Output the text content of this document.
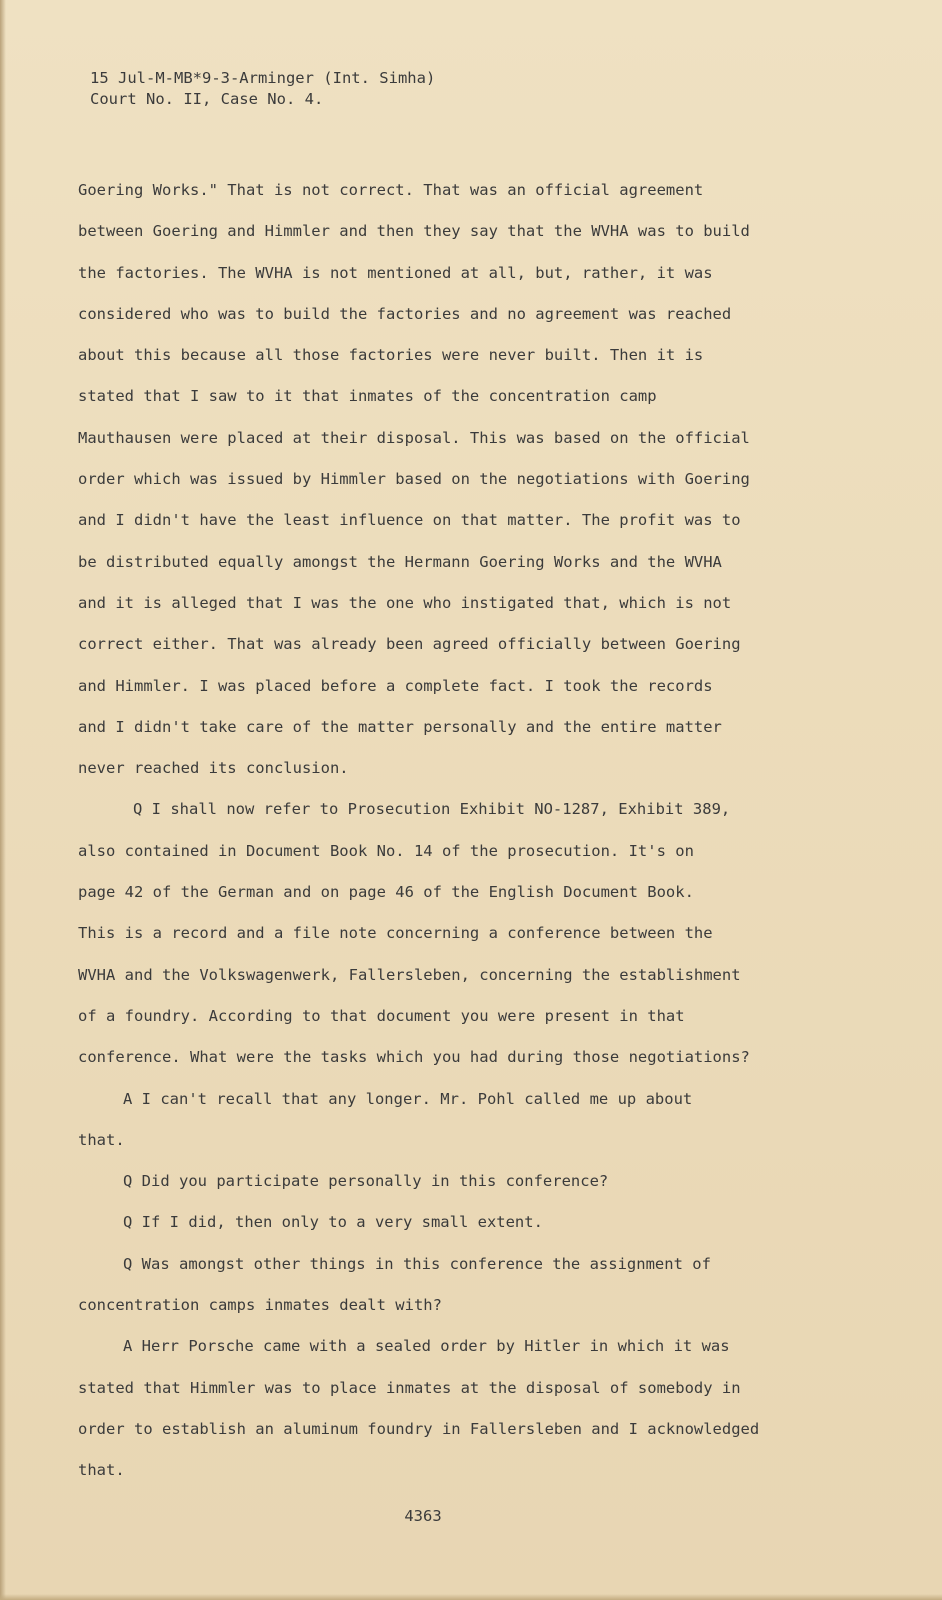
15 Jul-M-MB*9-3-Arminger (Int. Simha)
Court No. II, Case No. 4.
Goering Works." That is not correct. That was an official agreement
between Goering and Himmler and then they say that the WVHA was to build
the factories. The WVHA is not mentioned at all, but, rather, it was
considered who was to build the factories and no agreement was reached
about this because all those factories were never built. Then it is
stated that I saw to it that inmates of the concentration camp
Mauthausen were placed at their disposal. This was based on the official
order which was issued by Himmler based on the negotiations with Goering
and I didn't have the least influence on that matter. The profit was to
be distributed equally amongst the Hermann Goering Works and the WVHA
and it is alleged that I was the one who instigated that, which is not
correct either. That was already been agreed officially between Goering
and Himmler. I was placed before a complete fact. I took the records
and I didn't take care of the matter personally and the entire matter
never reached its conclusion.
Q I shall now refer to Prosecution Exhibit NO-1287, Exhibit 389,
also contained in Document Book No. 14 of the prosecution. It's on
page 42 of the German and on page 46 of the English Document Book.
This is a record and a file note concerning a conference between the
WVHA and the Volkswagenwerk, Fallersleben, concerning the establishment
of a foundry. According to that document you were present in that
conference. What were the tasks which you had during those negotiations?
A I can't recall that any longer. Mr. Pohl called me up about
that.
Q Did you participate personally in this conference?
Q If I did, then only to a very small extent.
Q Was amongst other things in this conference the assignment of
concentration camps inmates dealt with?
A Herr Porsche came with a sealed order by Hitler in which it was
stated that Himmler was to place inmates at the disposal of somebody in
order to establish an aluminum foundry in Fallersleben and I acknowledged
that.
4363
